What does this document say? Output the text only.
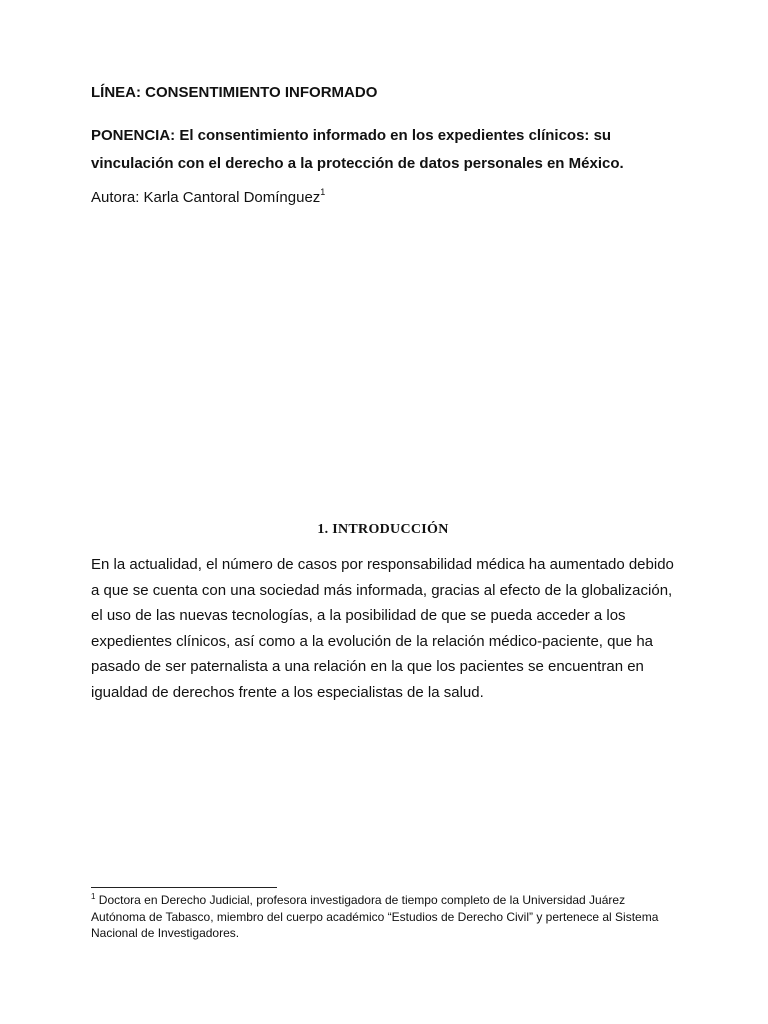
LÍNEA: CONSENTIMIENTO INFORMADO

PONENCIA: El consentimiento informado en los expedientes clínicos: su vinculación con el derecho a la protección de datos personales en México.

Autora: Karla Cantoral Domínguez$^1$

1. INTRODUCCIÓN

En la actualidad, el número de casos por responsabilidad médica ha aumentado debido a que se cuenta con una sociedad más informada, gracias al efecto de la globalización, el uso de las nuevas tecnologías, a la posibilidad de que se pueda acceder a los expedientes clínicos, así como a la evolución de la relación médico-paciente, que ha pasado de ser paternalista a una relación en la que los pacientes se encuentran en igualdad de derechos frente a los especialistas de la salud.

$^1$ Doctora en Derecho Judicial, profesora investigadora de tiempo completo de la Universidad Juárez Autónoma de Tabasco, miembro del cuerpo académico “Estudios de Derecho Civil” y pertenece al Sistema Nacional de Investigadores.
